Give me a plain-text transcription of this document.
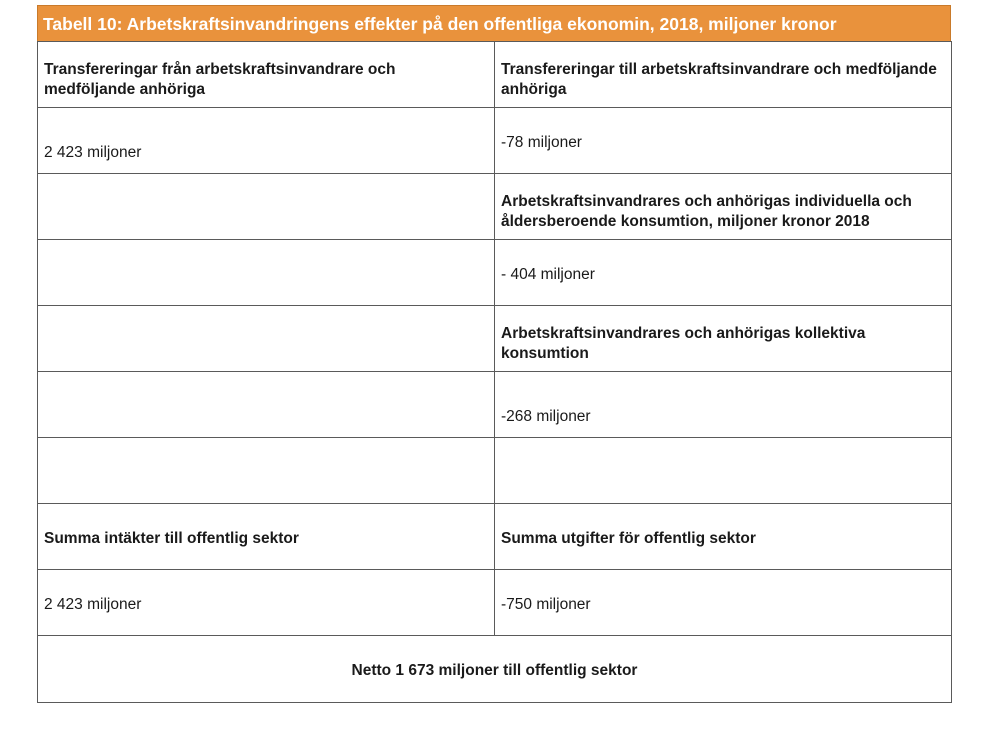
Tabell 10: Arbetskraftsinvandringens effekter på den offentliga ekonomin, 2018, miljoner kronor
Transfereringar från arbetskraftsinvandrare och medföljande anhöriga	Transfereringar till arbetskraftsinvandrare och medföljande anhöriga
2 423 miljoner	-78 miljoner
	Arbetskraftsinvandrares och anhörigas individuella och åldersberoende konsumtion, miljoner kronor 2018
	- 404 miljoner
	Arbetskraftsinvandrares och anhörigas kollektiva konsumtion
	-268 miljoner

Summa intäkter till offentlig sektor	Summa utgifter för offentlig sektor
2 423 miljoner	-750 miljoner
Netto 1 673 miljoner till offentlig sektor	
